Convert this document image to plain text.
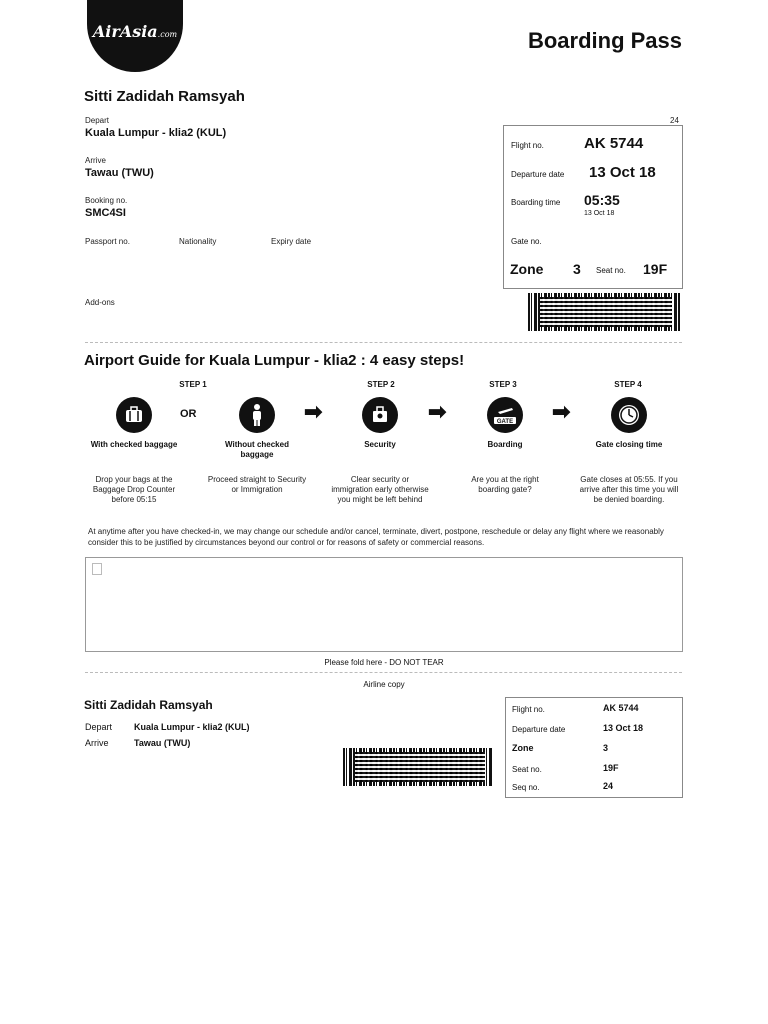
AirAsia.com	Boarding Pass
Sitti Zadidah Ramsyah
Depart
Kuala Lumpur - klia2 (KUL)
Arrive
Tawau (TWU)
Booking no.
SMC4SI
Passport no.	Nationality	Expiry date
Add-ons
24
Flight no.	AK 5744
Departure date 13 Oct 18
Boarding time 05:35
13 Oct 18
Gate no.
Zone 3 Seat no. 19F
Airport Guide for Kuala Lumpur - klia2 : 4 easy steps!
STEP 1	STEP 2	STEP 3	STEP 4
OR	➡	➡	GATE ➡
With checked baggage	Without checked baggage
Security	Boarding	Gate closing time
Drop your bags at the Baggage Drop Counter before 05:15
Proceed straight to Security or Immigration
Clear security or immigration early otherwise you might be left behind
Are you at the right boarding gate?
Gate closes at 05:55. If you arrive after this time you will be denied boarding.
At anytime after you have checked-in, we may change our schedule and/or cancel, terminate, divert, postpone, reschedule or delay any flight where we reasonably consider this to be justified by circumstances beyond our control or for reasons of safety or commercial reasons.
Please fold here - DO NOT TEAR
Airline copy
Sitti Zadidah Ramsyah
Depart Kuala Lumpur - klia2 (KUL)
Arrive	Tawau (TWU)
Flight no.	AK 5744
Departure date	13 Oct 18
Zone	3
Seat no.	19F
Seq no.	24
